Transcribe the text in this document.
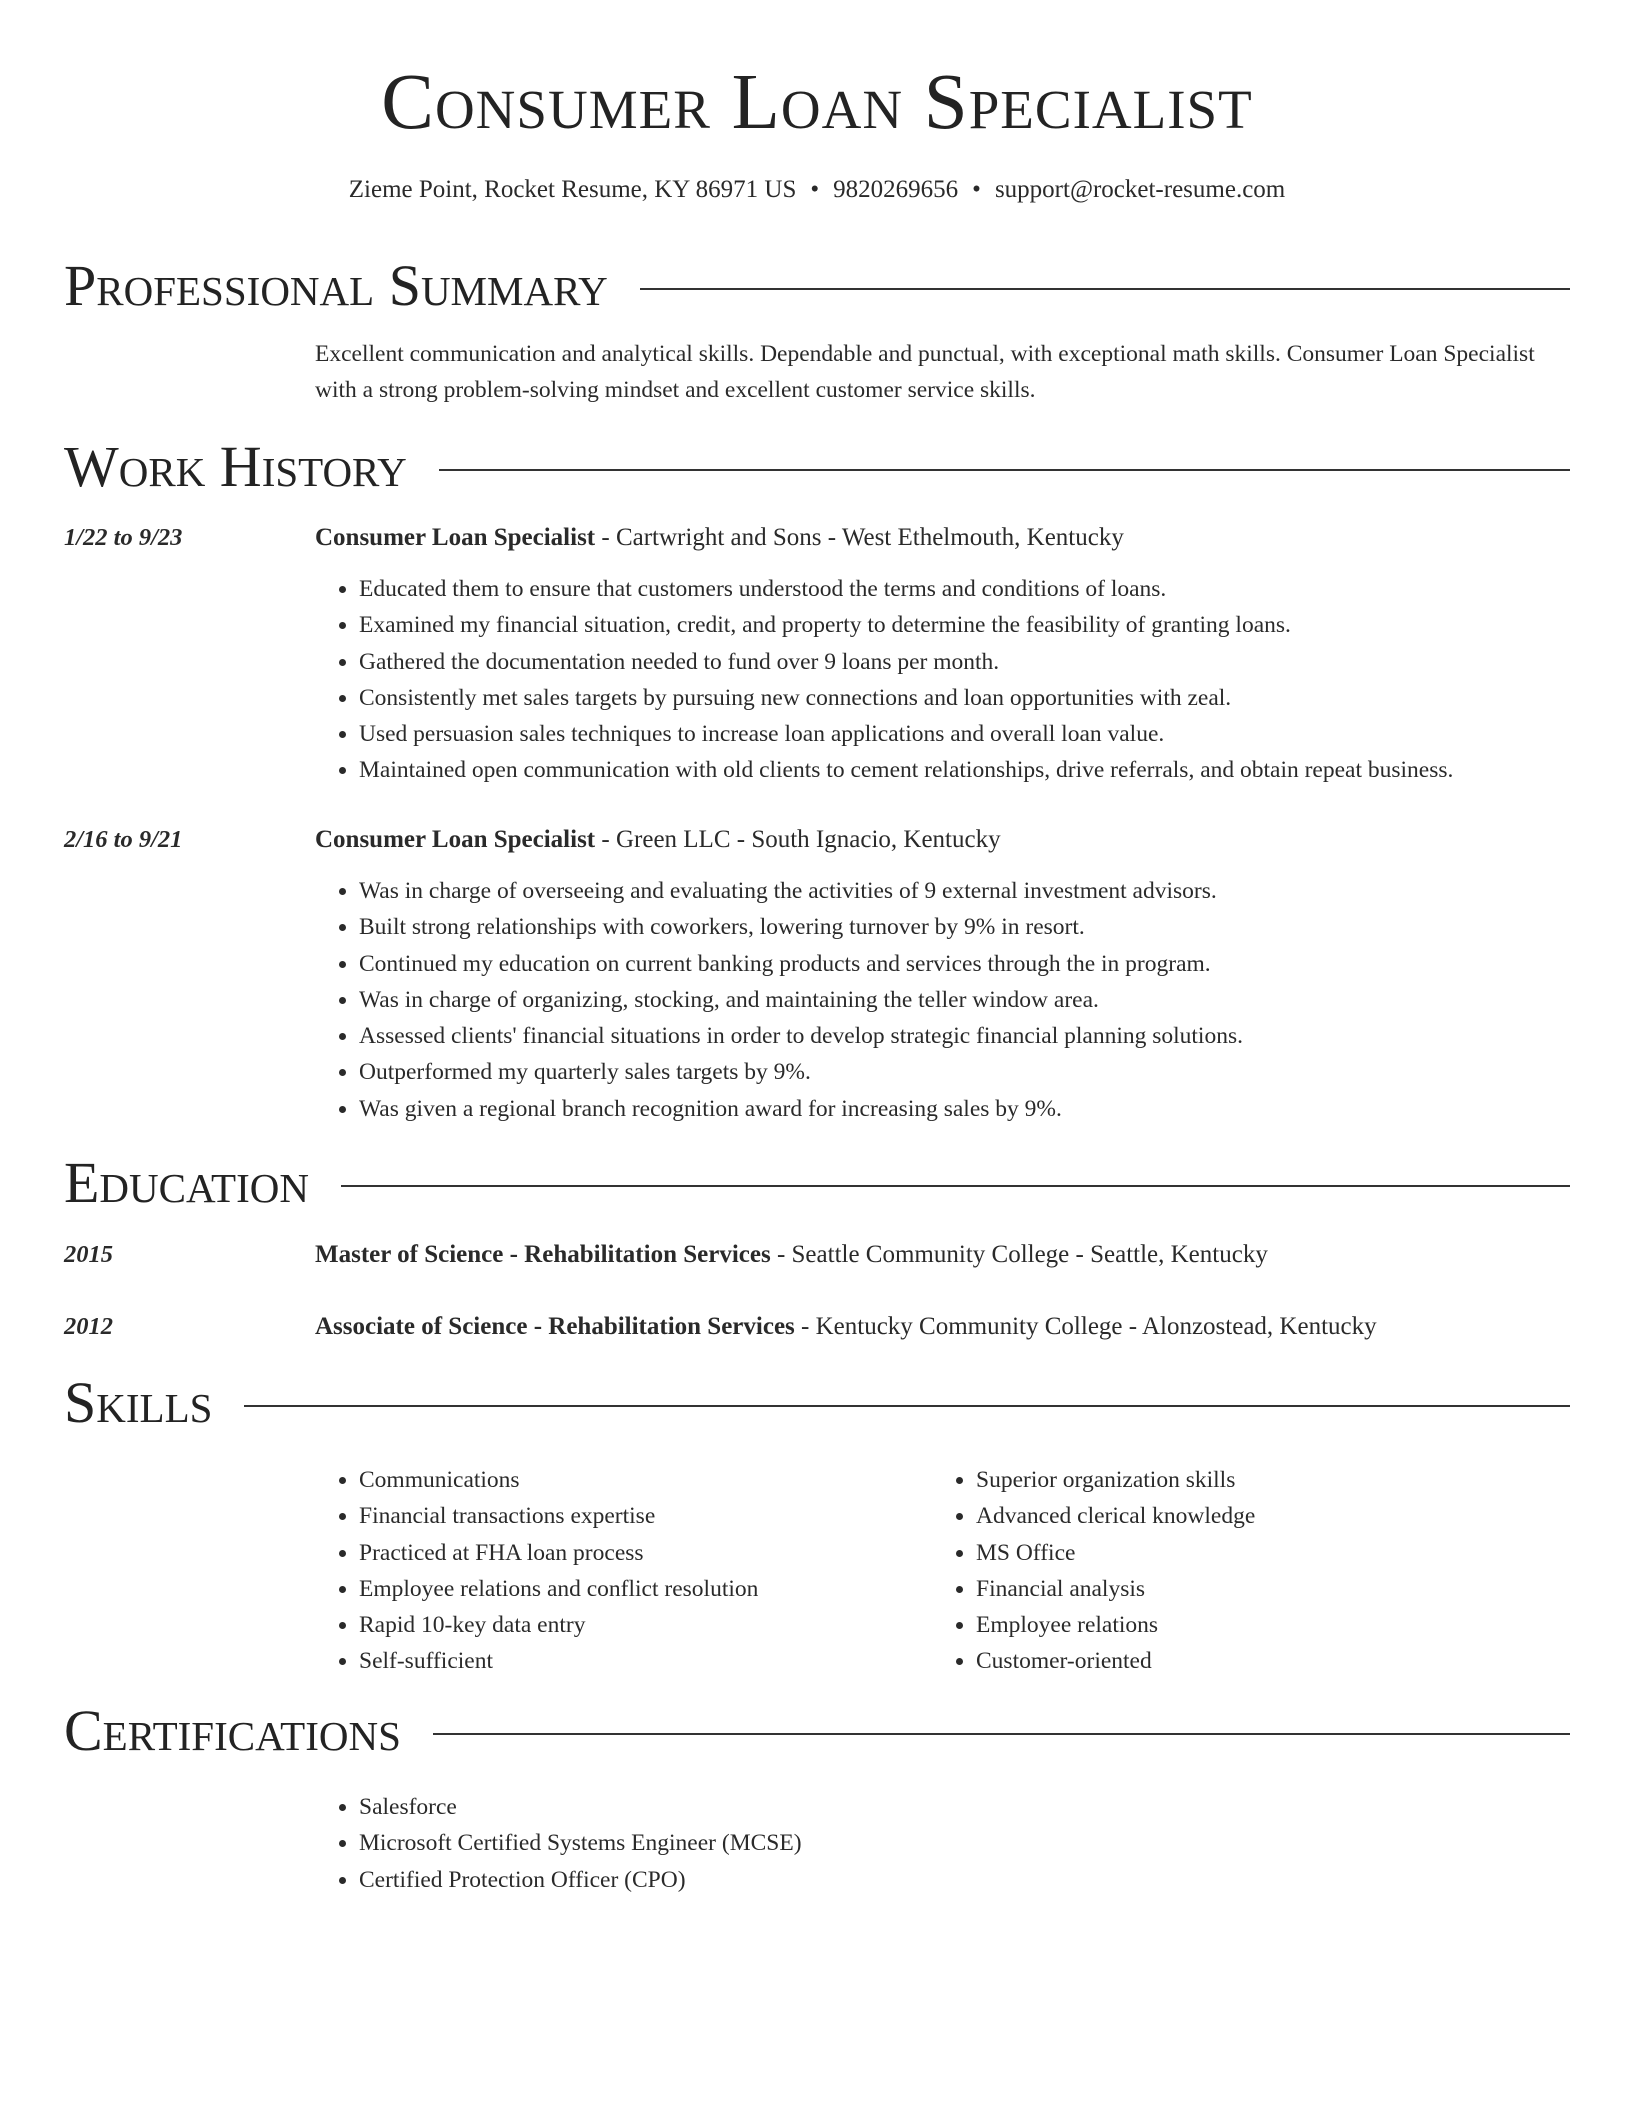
Consumer Loan Specialist
Zieme Point, Rocket Resume, KY 86971 US • 9820269656 • support@rocket-resume.com
Professional Summary
Excellent communication and analytical skills. Dependable and punctual, with exceptional math skills. Consumer Loan Specialist with a strong problem-solving mindset and excellent customer service skills.
Work History
1/22 to 9/23	Consumer Loan Specialist - Cartwright and Sons - West Ethelmouth, Kentucky
• Educated them to ensure that customers understood the terms and conditions of loans.
• Examined my financial situation, credit, and property to determine the feasibility of granting loans.
• Gathered the documentation needed to fund over 9 loans per month.
• Consistently met sales targets by pursuing new connections and loan opportunities with zeal.
• Used persuasion sales techniques to increase loan applications and overall loan value.
• Maintained open communication with old clients to cement relationships, drive referrals, and obtain repeat business.
2/16 to 9/21	Consumer Loan Specialist - Green LLC - South Ignacio, Kentucky
• Was in charge of overseeing and evaluating the activities of 9 external investment advisors.
• Built strong relationships with coworkers, lowering turnover by 9% in resort.
• Continued my education on current banking products and services through the in program.
• Was in charge of organizing, stocking, and maintaining the teller window area.
• Assessed clients' financial situations in order to develop strategic financial planning solutions.
• Outperformed my quarterly sales targets by 9%.
• Was given a regional branch recognition award for increasing sales by 9%.
Education
2015	Master of Science - Rehabilitation Services - Seattle Community College - Seattle, Kentucky
2012	Associate of Science - Rehabilitation Services - Kentucky Community College - Alonzostead, Kentucky
Skills
• Communications
• Financial transactions expertise
• Practiced at FHA loan process
• Employee relations and conflict resolution
• Rapid 10-key data entry
• Self-sufficient
• Superior organization skills
• Advanced clerical knowledge
• MS Office
• Financial analysis
• Employee relations
• Customer-oriented
Certifications
• Salesforce
• Microsoft Certified Systems Engineer (MCSE)
• Certified Protection Officer (CPO)
